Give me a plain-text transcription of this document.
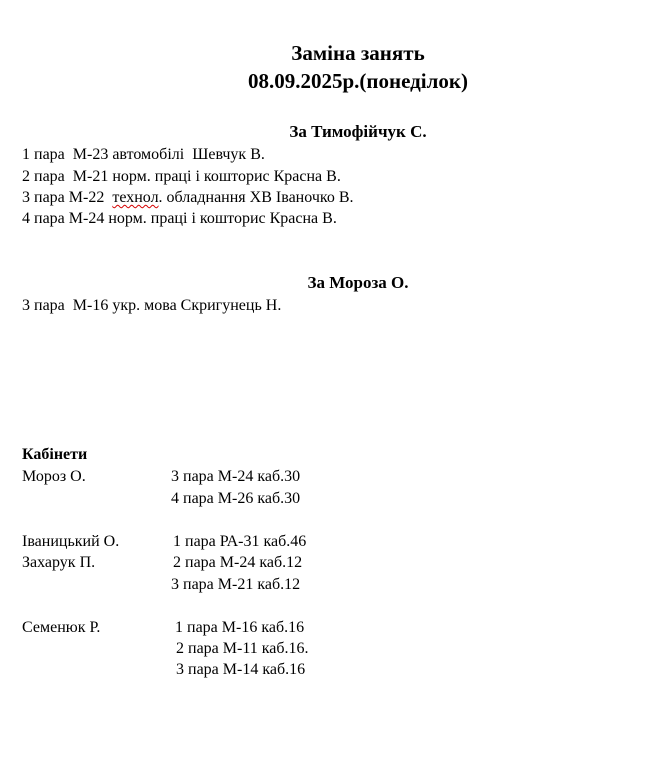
Заміна занять
08.09.2025р.(понеділок)
За Тимофійчук С.
1 пара  М-23 автомобілі  Шевчук В.
2 пара  М-21 норм. праці і кошторис Красна В.
3 пара М-22  технол. обладнання ХВ Іваночко В.
4 пара М-24 норм. праці і кошторис Красна В.
За Мороза О.
3 пара  М-16 укр. мова Скригунець Н.
Кабінети
Мороз О.	3 пара М-24 каб.30
4 пара М-26 каб.30
Іваницький О.	1 пара РА-31 каб.46
Захарук П.	2 пара М-24 каб.12
3 пара М-21 каб.12
Семенюк Р.	1 пара М-16 каб.16
2 пара М-11 каб.16.
3 пара М-14 каб.16
